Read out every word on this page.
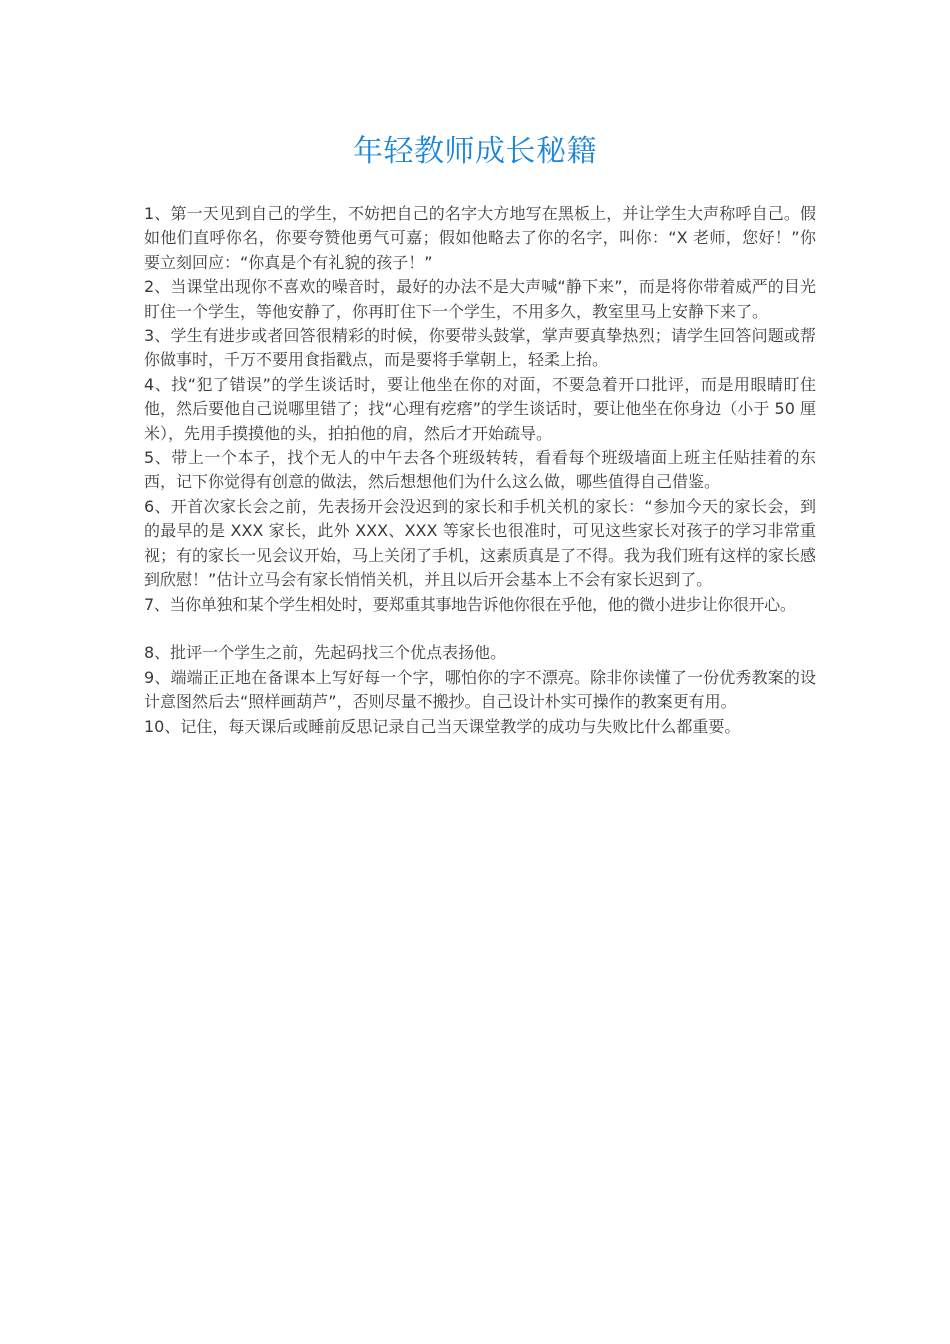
年轻教师成长秘籍

1、第一天见到自己的学生，不妨把自己的名字大方地写在黑板上，并让学生大声称呼自己。假如他们直呼你名，你要夸赞他勇气可嘉；假如他略去了你的名字，叫你：“X 老师，您好！”你要立刻回应：“你真是个有礼貌的孩子！”

2、当课堂出现你不喜欢的噪音时，最好的办法不是大声喊“静下来”，而是将你带着威严的目光盯住一个学生，等他安静了，你再盯住下一个学生，不用多久，教室里马上安静下来了。

3、学生有进步或者回答很精彩的时候，你要带头鼓掌，掌声要真挚热烈；请学生回答问题或帮你做事时，千万不要用食指戳点，而是要将手掌朝上，轻柔上抬。

4、找“犯了错误”的学生谈话时，要让他坐在你的对面，不要急着开口批评，而是用眼睛盯住他，然后要他自己说哪里错了；找“心理有疙瘩”的学生谈话时，要让他坐在你身边（小于 50 厘米），先用手摸摸他的头，拍拍他的肩，然后才开始疏导。

5、带上一个本子，找个无人的中午去各个班级转转，看看每个班级墙面上班主任贴挂着的东西，记下你觉得有创意的做法，然后想想他们为什么这么做，哪些值得自己借鉴。

6、开首次家长会之前，先表扬开会没迟到的家长和手机关机的家长：“参加今天的家长会，到的最早的是 XXX 家长，此外 XXX、XXX 等家长也很准时，可见这些家长对孩子的学习非常重视；有的家长一见会议开始，马上关闭了手机，这素质真是了不得。我为我们班有这样的家长感到欣慰！”估计立马会有家长悄悄关机，并且以后开会基本上不会有家长迟到了。

7、当你单独和某个学生相处时，要郑重其事地告诉他你很在乎他，他的微小进步让你很开心。

8、批评一个学生之前，先起码找三个优点表扬他。

9、端端正正地在备课本上写好每一个字，哪怕你的字不漂亮。除非你读懂了一份优秀教案的设计意图然后去“照样画葫芦”，否则尽量不搬抄。自己设计朴实可操作的教案更有用。

10、记住，每天课后或睡前反思记录自己当天课堂教学的成功与失败比什么都重要。
